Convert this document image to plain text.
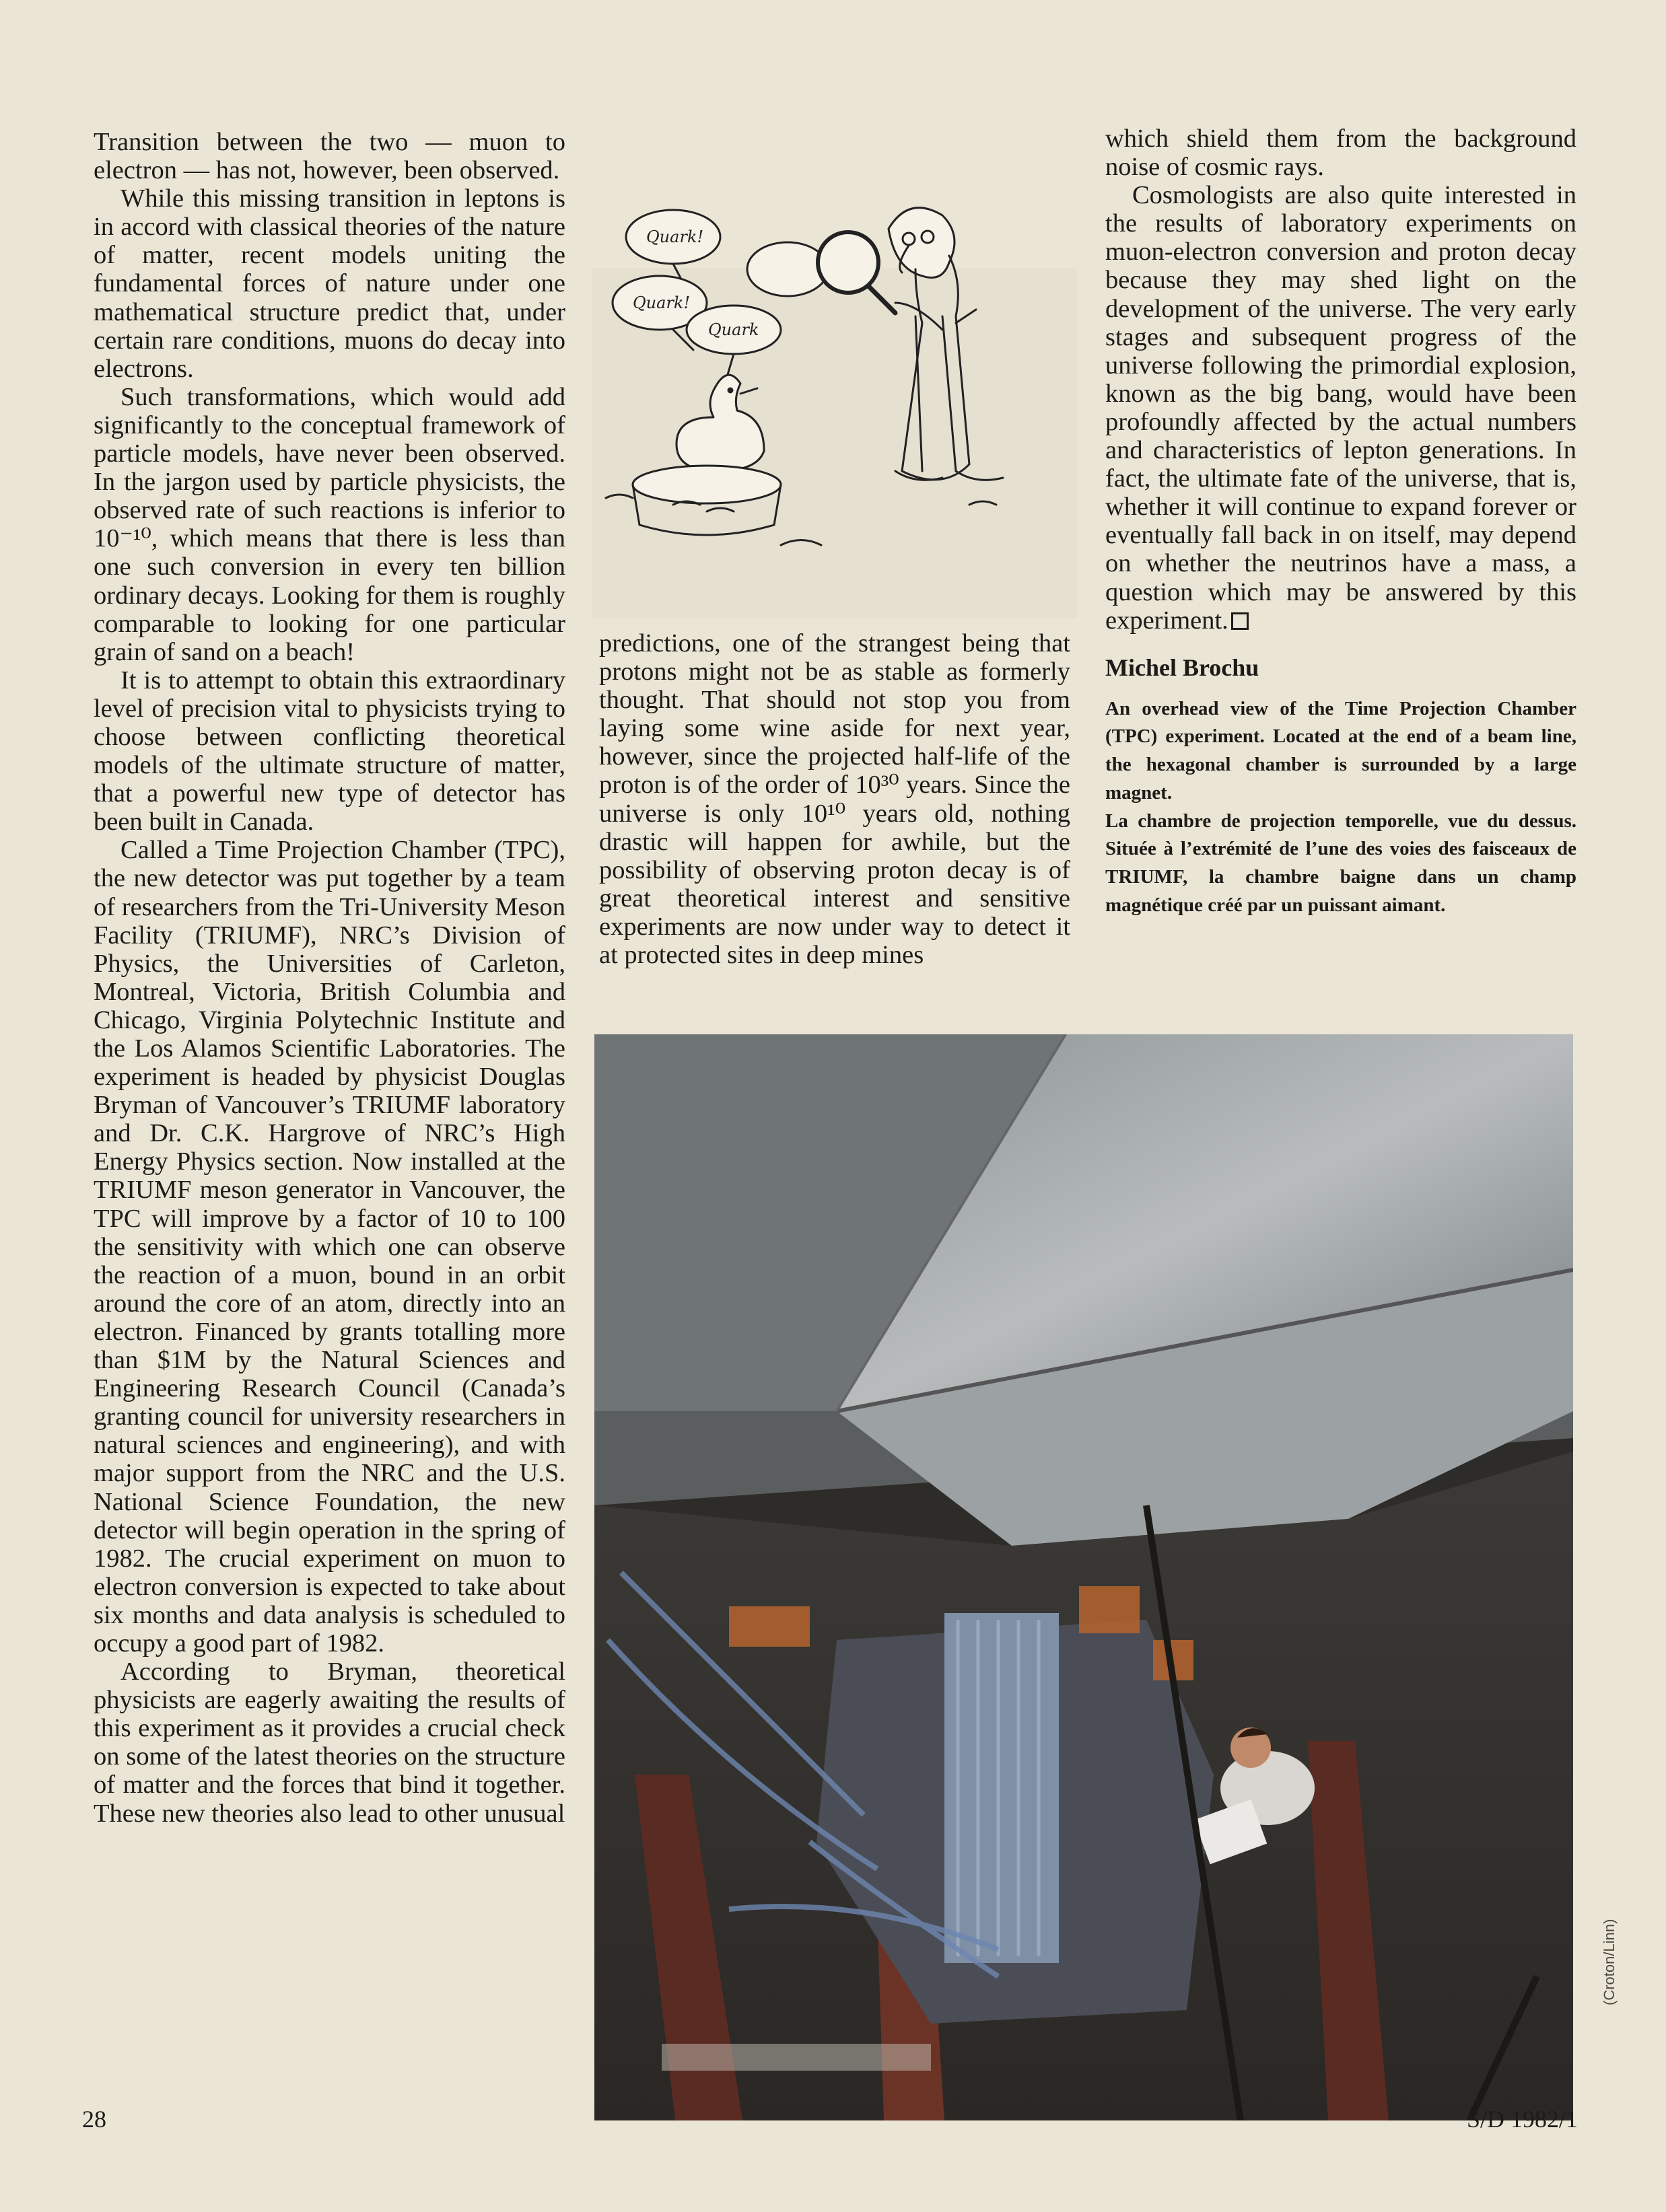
Transition between the two — muon to electron — has not, however, been observed.

While this missing transition in leptons is in accord with classical theories of the nature of matter, recent models uniting the fundamental forces of nature under one mathematical structure predict that, under certain rare conditions, muons do decay into electrons.

Such transformations, which would add significantly to the conceptual framework of particle models, have never been observed. In the jargon used by particle physicists, the observed rate of such reactions is inferior to 10⁻¹⁰, which means that there is less than one such conversion in every ten billion ordinary decays. Looking for them is roughly comparable to looking for one particular grain of sand on a beach!

It is to attempt to obtain this extraordinary level of precision vital to physicists trying to choose between conflicting theoretical models of the ultimate structure of matter, that a powerful new type of detector has been built in Canada.

Called a Time Projection Chamber (TPC), the new detector was put together by a team of researchers from the Tri-University Meson Facility (TRIUMF), NRC’s Division of Physics, the Universities of Carleton, Montreal, Victoria, British Columbia and Chicago, Virginia Polytechnic Institute and the Los Alamos Scientific Laboratories. The experiment is headed by physicist Douglas Bryman of Vancouver’s TRIUMF laboratory and Dr. C.K. Hargrove of NRC’s High Energy Physics section. Now installed at the TRIUMF meson generator in Vancouver, the TPC will improve by a factor of 10 to 100 the sensitivity with which one can observe the reaction of a muon, bound in an orbit around the core of an atom, directly into an electron. Financed by grants totalling more than $1M by the Natural Sciences and Engineering Research Council (Canada’s granting council for university researchers in natural sciences and engineering), and with major support from the NRC and the U.S. National Science Foundation, the new detector will begin operation in the spring of 1982. The crucial experiment on muon to electron conversion is expected to take about six months and data analysis is scheduled to occupy a good part of 1982.

According to Bryman, theoretical physicists are eagerly awaiting the results of this experiment as it provides a crucial check on some of the latest theories on the structure of matter and the forces that bind it together. These new theories also lead to other unusual

Quark!
Quark!
Quark

predictions, one of the strangest being that protons might not be as stable as formerly thought. That should not stop you from laying some wine aside for next year, however, since the projected half-life of the proton is of the order of 10³⁰ years. Since the universe is only 10¹⁰ years old, nothing drastic will happen for awhile, but the possibility of observing proton decay is of great theoretical interest and sensitive experiments are now under way to detect it at protected sites in deep mines

which shield them from the background noise of cosmic rays.

Cosmologists are also quite interested in the results of laboratory experiments on muon-electron conversion and proton decay because they may shed light on the development of the universe. The very early stages and subsequent progress of the universe following the primordial explosion, known as the big bang, would have been profoundly affected by the actual numbers and characteristics of lepton generations. In fact, the ultimate fate of the universe, that is, whether it will continue to expand forever or eventually fall back in on itself, may depend on whether the neutrinos have a mass, a question which may be answered by this experiment.

Michel Brochu

An overhead view of the Time Projection Chamber (TPC) experiment. Located at the end of a beam line, the hexagonal chamber is surrounded by a large magnet.

La chambre de projection temporelle, vue du dessus. Située à l’extrémité de l’une des voies des faisceaux de TRIUMF, la chambre baigne dans un champ magnétique créé par un puissant aimant.

(Croton/Linn)
28	S/D 1982/1
